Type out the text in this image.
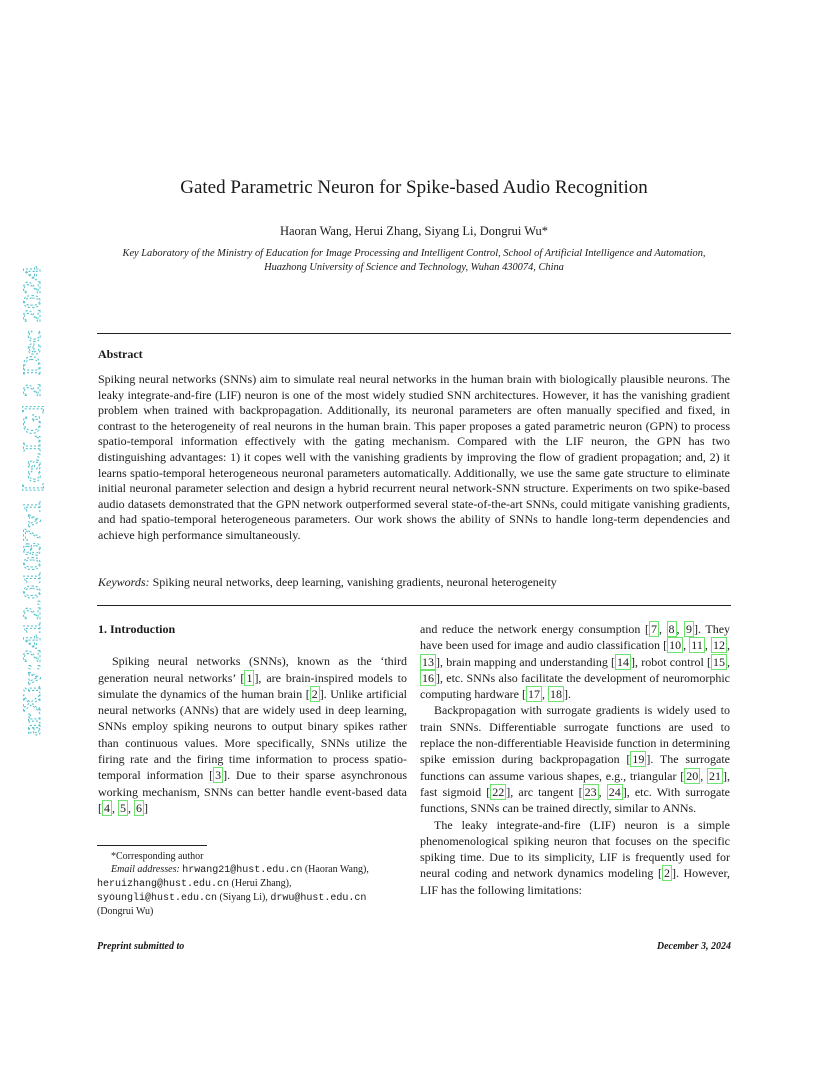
arXiv:2412.01087v1 [cs.LG] 2 Dec 2024
Gated Parametric Neuron for Spike-based Audio Recognition
Haoran Wang, Herui Zhang, Siyang Li, Dongrui Wu*
Key Laboratory of the Ministry of Education for Image Processing and Intelligent Control, School of Artificial Intelligence and Automation,
Huazhong University of Science and Technology, Wuhan 430074, China
Abstract
Spiking neural networks (SNNs) aim to simulate real neural networks in the human brain with biologically plausible neurons. The leaky integrate-and-fire (LIF) neuron is one of the most widely studied SNN architectures. However, it has the vanishing gradient problem when trained with backpropagation. Additionally, its neuronal parameters are often manually specified and fixed, in contrast to the heterogeneity of real neurons in the human brain. This paper proposes a gated parametric neuron (GPN) to process spatio-temporal information effectively with the gating mechanism. Compared with the LIF neuron, the GPN has two distinguishing advantages: 1) it copes well with the vanishing gradients by improving the flow of gradient propagation; and, 2) it learns spatio-temporal heterogeneous neuronal parameters automatically. Additionally, we use the same gate structure to eliminate initial neuronal parameter selection and design a hybrid recurrent neural network-SNN structure. Experiments on two spike-based audio datasets demonstrated that the GPN network outperformed several state-of-the-art SNNs, could mitigate vanishing gradients, and had spatio-temporal heterogeneous parameters. Our work shows the ability of SNNs to handle long-term dependencies and achieve high performance simultaneously.
Keywords: Spiking neural networks, deep learning, vanishing gradients, neuronal heterogeneity

1. Introduction

Spiking neural networks (SNNs), known as the ‘third generation neural networks’ [ 1 ], are brain-inspired models to simulate the dynamics of the human brain [ 2 ]. Unlike artificial neural networks (ANNs) that are widely used in deep learning, SNNs employ spiking neurons to output binary spikes rather than continuous values. More specifically, SNNs utilize the firing rate and the firing time information to process spatio-temporal information [ 3 ]. Due to their sparse asynchronous working mechanism, SNNs can better handle event-based data [ 4 , 5 , 6 ]

and reduce the network energy consumption [ 7 , 8 , 9 ]. They have been used for image and audio classification [ 10 , 11 , 12 , 13 ], brain mapping and understanding [ 14 ], robot control [ 15 , 16 ], etc. SNNs also facilitate the development of neuromorphic computing hardware [ 17 , 18 ].

Backpropagation with surrogate gradients is widely used to train SNNs. Differentiable surrogate functions are used to replace the non-differentiable Heaviside function in determining spike emission during backpropagation [ 19 ]. The surrogate functions can assume various shapes, e.g., triangular [ 20 , 21 ], fast sigmoid [ 22 ], arc tangent [ 23 , 24 ], etc. With surrogate functions, SNNs can be trained directly, similar to ANNs.

The leaky integrate-and-fire (LIF) neuron is a simple phenomenological spiking neuron that focuses on the specific spiking time. Due to its simplicity, LIF is frequently used for neural coding and network dynamics modeling [ 2 ]. However, LIF has the following limitations:

*Corresponding author
Email addresses: hrwang21@hust.edu.cn (Haoran Wang),
heruizhang@hust.edu.cn (Herui Zhang),
syoungli@hust.edu.cn (Siyang Li), drwu@hust.edu.cn
(Dongrui Wu)
Preprint submitted to	December 3, 2024
